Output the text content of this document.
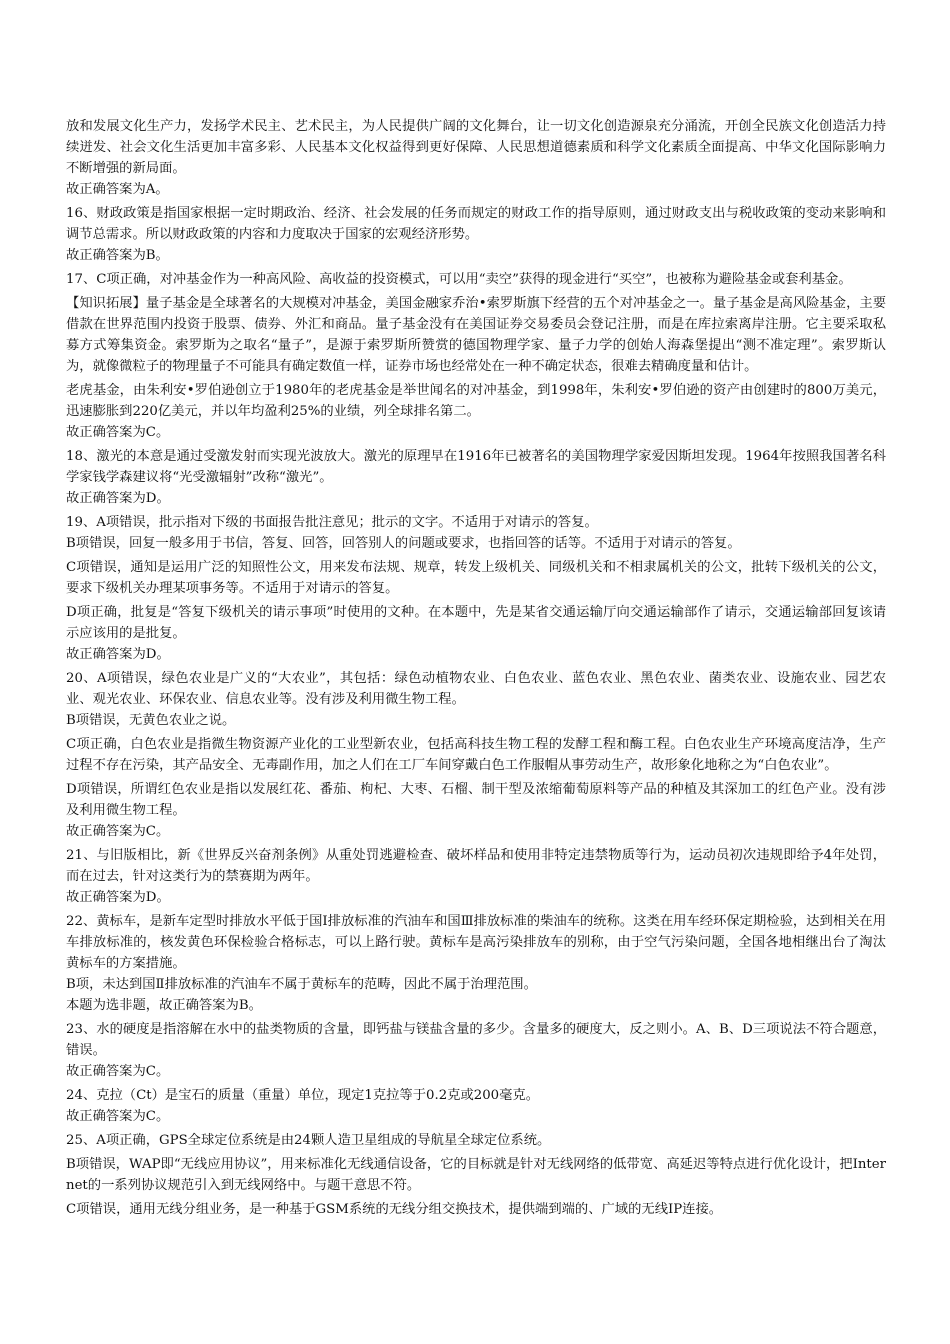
放和发展文化生产力，发扬学术民主、艺术民主，为人民提供广阔的文化舞台，让一切文化创造源泉充分涌流，开创全民族文化创造活力持续迸发、社会文化生活更加丰富多彩、人民基本文化权益得到更好保障、人民思想道德素质和科学文化素质全面提高、中华文化国际影响力不断增强的新局面。

故正确答案为A。

16、财政政策是指国家根据一定时期政治、经济、社会发展的任务而规定的财政工作的指导原则，通过财政支出与税收政策的变动来影响和调节总需求。所以财政政策的内容和力度取决于国家的宏观经济形势。

故正确答案为B。

17、C项正确，对冲基金作为一种高风险、高收益的投资模式，可以用“卖空”获得的现金进行“买空”，也被称为避险基金或套利基金。

【知识拓展】量子基金是全球著名的大规模对冲基金，美国金融家乔治•索罗斯旗下经营的五个对冲基金之一。量子基金是高风险基金，主要借款在世界范围内投资于股票、债券、外汇和商品。量子基金没有在美国证券交易委员会登记注册，而是在库拉索离岸注册。它主要采取私募方式筹集资金。索罗斯为之取名“量子”，是源于索罗斯所赞赏的德国物理学家、量子力学的创始人海森堡提出“测不准定理”。索罗斯认为，就像微粒子的物理量子不可能具有确定数值一样，证券市场也经常处在一种不确定状态，很难去精确度量和估计。

老虎基金，由朱利安•罗伯逊创立于1980年的老虎基金是举世闻名的对冲基金，到1998年，朱利安•罗伯逊的资产由创建时的800万美元，迅速膨胀到220亿美元，并以年均盈利25%的业绩，列全球排名第二。

故正确答案为C。

18、激光的本意是通过受激发射而实现光波放大。激光的原理早在1916年已被著名的美国物理学家爱因斯坦发现。1964年按照我国著名科学家钱学森建议将“光受激辐射”改称“激光”。

故正确答案为D。

19、A项错误，批示指对下级的书面报告批注意见；批示的文字。不适用于对请示的答复。

B项错误，回复一般多用于书信，答复、回答，回答别人的问题或要求，也指回答的话等。不适用于对请示的答复。

C项错误，通知是运用广泛的知照性公文，用来发布法规、规章，转发上级机关、同级机关和不相隶属机关的公文，批转下级机关的公文，要求下级机关办理某项事务等。不适用于对请示的答复。

D项正确，批复是“答复下级机关的请示事项”时使用的文种。在本题中，先是某省交通运输厅向交通运输部作了请示，交通运输部回复该请示应该用的是批复。

故正确答案为D。

20、A项错误，绿色农业是广义的“大农业”，其包括：绿色动植物农业、白色农业、蓝色农业、黑色农业、菌类农业、设施农业、园艺农业、观光农业、环保农业、信息农业等。没有涉及利用微生物工程。

B项错误，无黄色农业之说。

C项正确，白色农业是指微生物资源产业化的工业型新农业，包括高科技生物工程的发酵工程和酶工程。白色农业生产环境高度洁净，生产过程不存在污染，其产品安全、无毒副作用，加之人们在工厂车间穿戴白色工作服帽从事劳动生产，故形象化地称之为“白色农业”。

D项错误，所谓红色农业是指以发展红花、番茄、枸杞、大枣、石榴、制干型及浓缩葡萄原料等产品的种植及其深加工的红色产业。没有涉及利用微生物工程。

故正确答案为C。

21、与旧版相比，新《世界反兴奋剂条例》从重处罚逃避检查、破坏样品和使用非特定违禁物质等行为，运动员初次违规即给予4年处罚，而在过去，针对这类行为的禁赛期为两年。

故正确答案为D。

22、黄标车，是新车定型时排放水平低于国Ⅰ排放标准的汽油车和国Ⅲ排放标准的柴油车的统称。这类在用车经环保定期检验，达到相关在用车排放标准的，核发黄色环保检验合格标志，可以上路行驶。黄标车是高污染排放车的别称，由于空气污染问题，全国各地相继出台了淘汰黄标车的方案措施。

B项，未达到国Ⅱ排放标准的汽油车不属于黄标车的范畴，因此不属于治理范围。

本题为选非题，故正确答案为B。

23、水的硬度是指溶解在水中的盐类物质的含量，即钙盐与镁盐含量的多少。含量多的硬度大，反之则小。A、B、D三项说法不符合题意，错误。

故正确答案为C。

24、克拉（Ct）是宝石的质量（重量）单位，现定1克拉等于0.2克或200毫克。

故正确答案为C。

25、A项正确，GPS全球定位系统是由24颗人造卫星组成的导航星全球定位系统。

B项错误，WAP即“无线应用协议”，用来标准化无线通信设备，它的目标就是针对无线网络的低带宽、高延迟等特点进行优化设计，把Internet的一系列协议规范引入到无线网络中。与题干意思不符。

C项错误，通用无线分组业务，是一种基于GSM系统的无线分组交换技术，提供端到端的、广域的无线IP连接。
